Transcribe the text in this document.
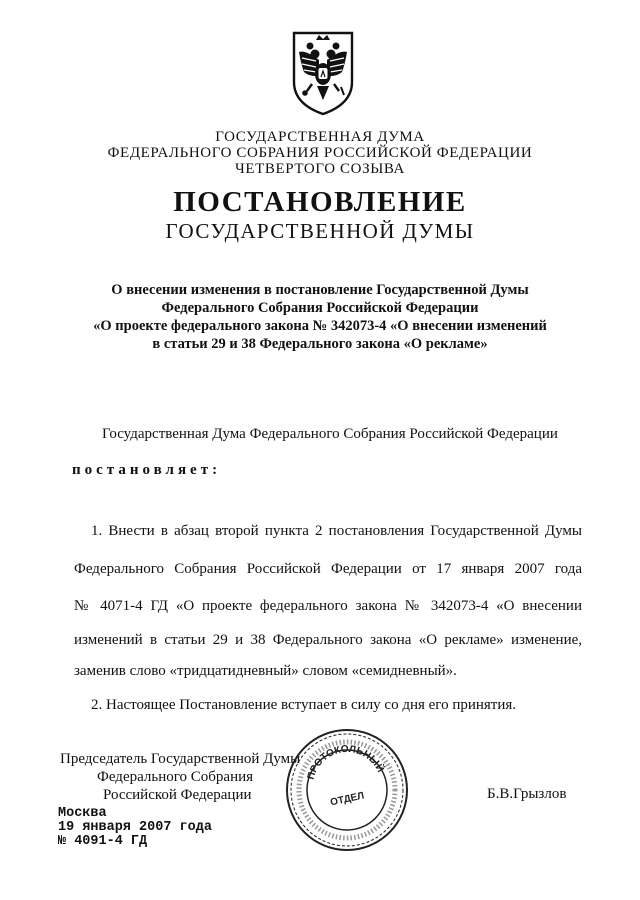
ГОСУДАРСТВЕННАЯ ДУМА
ФЕДЕРАЛЬНОГО СОБРАНИЯ РОССИЙСКОЙ ФЕДЕРАЦИИ
ЧЕТВЕРТОГО СОЗЫВА
ПОСТАНОВЛЕНИЕ
ГОСУДАРСТВЕННОЙ ДУМЫ
О внесении изменения в постановление Государственной Думы
Федерального Собрания Российской Федерации
«О проекте федерального закона № 342073-4 «О внесении изменений
в статьи 29 и 38 Федерального закона «О рекламе»
Государственная Дума Федерального Собрания Российской Федерации
постановляет:
1. Внести в абзац второй пункта 2 постановления Государственной Думы
Федерального Собрания Российской Федерации от 17 января 2007 года
№ 4071-4 ГД «О проекте федерального закона № 342073-4 «О внесении
изменений в статьи 29 и 38 Федерального закона «О рекламе» изменение,
заменив слово «тридцатидневный» словом «семидневный».
2. Настоящее Постановление вступает в силу со дня его принятия.
Председатель Государственной Думы
Федерального Собрания
Российской Федерации	Б.В.Грызлов
ПРОТОКОЛЬНЫЙ
ОТДЕЛ
Москва
19 января 2007 года
№ 4091-4 ГД
